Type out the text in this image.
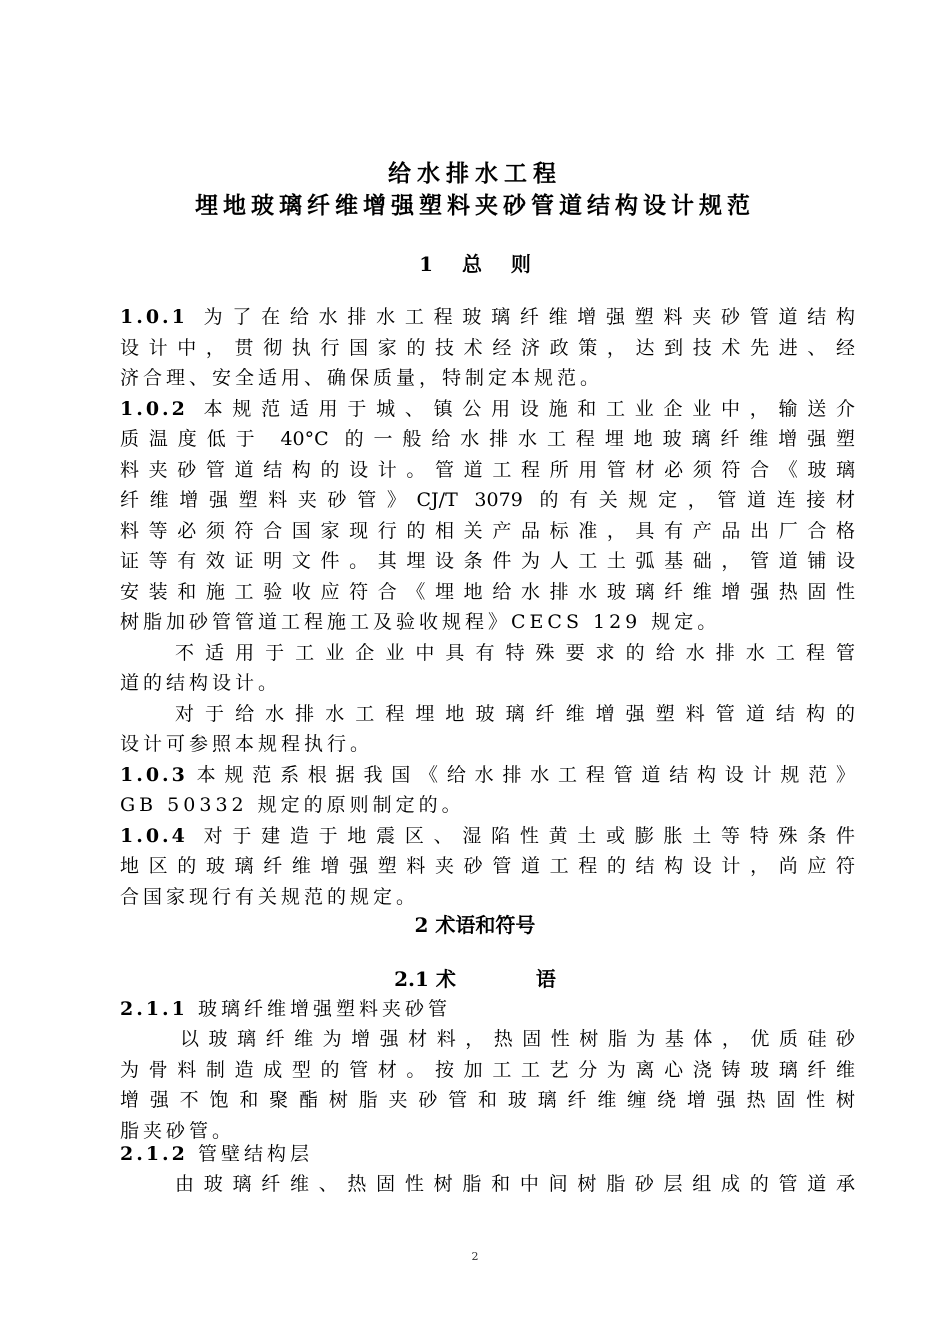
给水排水工程
埋地玻璃纤维增强塑料夹砂管道结构设计规范
1 总 则
1.0.1 为了在给水排水工程玻璃纤维增强塑料夹砂管道结构
设计中，贯彻执行国家的技术经济政策，达到技术先进、经
济合理、安全适用、确保质量，特制定本规范。
1.0.2 本规范适用于城、镇公用设施和工业企业中，输送介
质温度低于 40°C 的一般给水排水工程埋地玻璃纤维增强塑
料夹砂管道结构的设计。管道工程所用管材必须符合《玻璃
纤维增强塑料夹砂管》CJ/T 3079 的有关规定，管道连接材
料等必须符合国家现行的相关产品标准，具有产品出厂合格
证等有效证明文件。其埋设条件为人工土弧基础，管道铺设
安装和施工验收应符合《埋地给水排水玻璃纤维增强热固性
树脂加砂管管道工程施工及验收规程》CECS 129 规定。
不适用于工业企业中具有特殊要求的给水排水工程管
道的结构设计。
对于给水排水工程埋地玻璃纤维增强塑料管道结构的
设计可参照本规程执行。
1.0.3本规范系根据我国《给水排水工程管道结构设计规范》
GB 50332 规定的原则制定的。
1.0.4 对于建造于地震区、湿陷性黄土或膨胀土等特殊条件
地区的玻璃纤维增强塑料夹砂管道工程的结构设计，尚应符
合国家现行有关规范的规定。
2 术语和符号
2.1 术	语
2.1.1 玻璃纤维增强塑料夹砂管
以玻璃纤维为增强材料，热固性树脂为基体，优质硅砂
为骨料制造成型的管材。按加工工艺分为离心浇铸玻璃纤维
增强不饱和聚酯树脂夹砂管和玻璃纤维缠绕增强热固性树
脂夹砂管。
2.1.2 管壁结构层
由玻璃纤维、热固性树脂和中间树脂砂层组成的管道承
2
